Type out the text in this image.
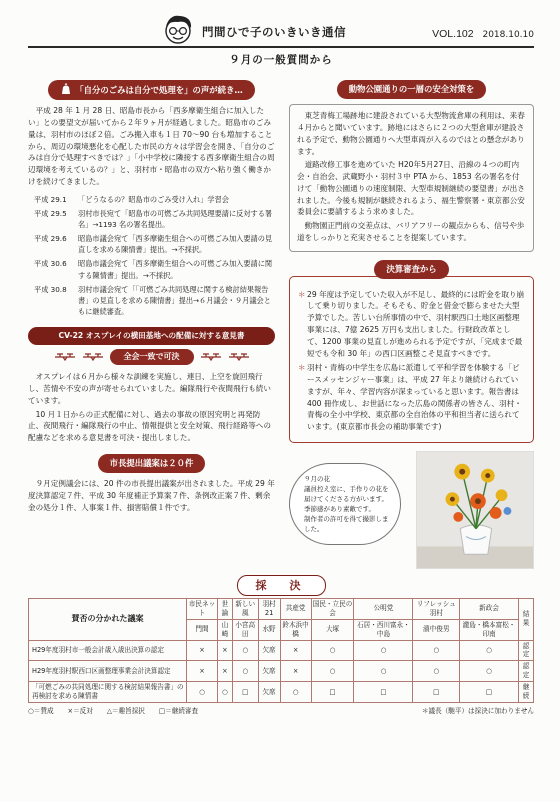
門間ひで子のいきいき通信	VOL.102 2018.10.10
９月の一般質問から
「自分のごみは自分で処理を」の声が続き…

平成 28 年 1 月 28 日、昭島市長から「西多摩衛生組合に加入したい」との要望文が届いてから２年９ヶ月が経過しました。昭島市のごみ量は、羽村市のほぼ２倍。ごみ搬入車も１日 70～90 台も増加することから、周辺の環境悪化を心配した市民の方々は学習会を開き、「自分のごみは自分で処理すべきでは？」「小中学校に隣接する西多摩衛生組合の周辺環境を考えているの？」と、羽村市・昭島市の双方へ粘り強く働きかけを続けてきました。

平成 29.1	「どうなるの？昭島市のごみ受け入れ」学習会
平成 29.5	羽村市長宛て「昭島市の可燃ごみ共同処理要請に反対する署名」→1193 名の署名提出。
平成 29.6	昭島市議会宛て「西多摩衛生組合への可燃ごみ加入要請の見直しを求める陳情書」提出。→不採択。
平成 30.6	昭島市議会宛て「西多摩衛生組合への可燃ごみ加入要請に関する陳情書」提出。→不採択。
平成 30.8	羽村市議会宛て「「可燃ごみ共同処理に関する検討結果報告書」の見直しを求める陳情書」提出→６月議会・９月議会ともに継続審査。
CV-22 オスプレイの横田基地への配備に対する意見書
全会一致で可決

オスプレイは６月から様々な訓練を実施し、連日、上空を旋回飛行し、苦情や不安の声が寄せられていました。編隊飛行や夜間飛行も続いています。

10 月１日からの正式配備に対し、過去の事故の原因究明と再発防止、夜間飛行・編隊飛行の中止、情報提供と安全対策、飛行経路等への配慮などを求める意見書を可決・提出しました。

市長提出議案は２０件

９月定例議会には、20 件の市長提出議案が出されました。平成 29 年度決算認定７件、平成 30 年度補正予算案７件、条例改正案７件、剰余金の処分１件、人事案１件、損害賠償１件です。

動物公園通りの一層の安全対策を

東芝青梅工場跡地に建設されている大型物流倉庫の利用は、来春４月からと聞いています。跡地にはさらに２つの大型倉庫が建設される予定で、動物公園通りへ大型車両が入るのではとの懸念があります。

道路改修工事を進めていた H20年5月27日、沿線の４つの町内会・自治会、武蔵野小・羽村３中 PTA から、1853 名の署名を付けて「動物公園通りの速度制限、大型車規制継続の要望書」が出されました。今後も規制が継続されるよう、福生警察署・東京都公安委員会に要請するよう求めました。

動物園正門前の交差点は、バリアフリーの観点からも、信号や歩道をしっかりと充実させることを提案しています。

決算審査から
＊ 29 年度は予定していた収入が不足し、最終的には貯金を取り崩して乗り切りました。そもそも、貯金と借金で膨らませた大型予算でした。苦しい台所事情の中で、羽村駅西口土地区画整理事業には、7億 2625 万円も支出しました。行財政改革として、1200 事業の見直しが進められる予定ですが、「完成まで最短でも令和 30 年」の西口区画整こそ見直すべきです。
＊ 羽村・青梅の中学生を広島に派遣して平和学習を体験する「ピースメッセンジャー事業」は、平成 27 年より継続けられていますが、年々、学習内容が深まっていると思います。報告書は 400 冊作成し、お世話になった広島の関係者の皆さん、羽村・青梅の全小中学校、東京都の全自治体の平和担当者に送られています。(東京都市長会の補助事業です)
９月の花
議員控え室に、手作りの花を届けてくださる方がいます。
季節感があり素敵です。
制作者の許可を得て撮影しました。
採　決
賛否の分かれた議案	市民ネット	世論	新しい風	羽村21	共産党	国民・立民の会	公明党	リフレッシュ羽村	新政会	結果
	門間	山崎	小宮高田	水野	鈴木浜中橋	大塚	石居・西川富永・中島	濱中俊男	瀧島・橋本富松・印南	
H29年度羽村市一般会計歳入歳出決算の認定	×	×	○	欠席	×	○	○	○	○	認定
H29年度羽村駅西口区画整理事業会計決算認定	×	×	○	欠席	×	○	○	○	○	認定
「可燃ごみの共同処理に関する検討結果報告書」の再検討を求める陳情書	○	○	□	欠席	○	□	□	□	□	継続
○＝賛成 ×＝反対 △＝趣旨採択 □＝継続審査	＊議長（馳平）は採決に加わりません
